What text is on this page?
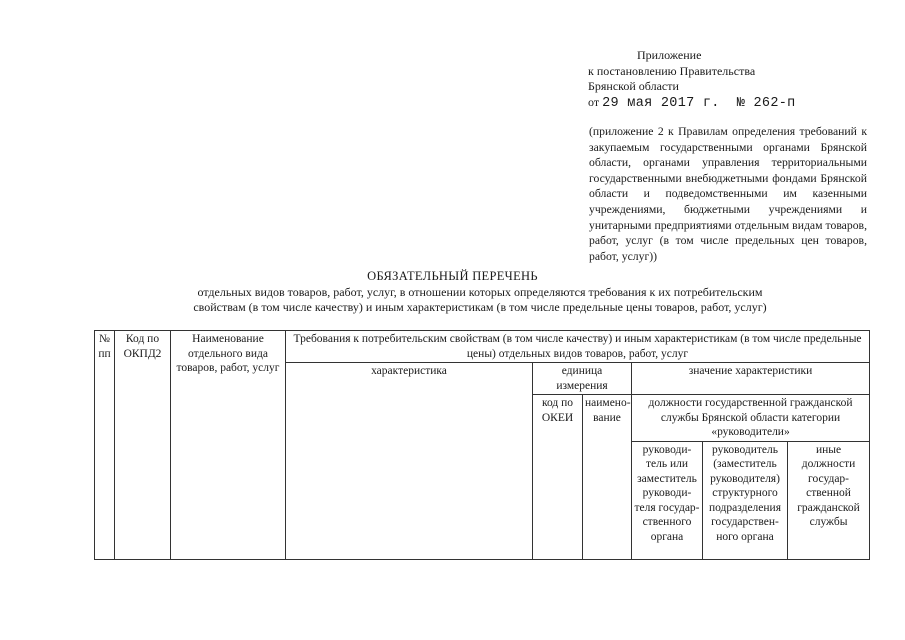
Приложение
к постановлению Правительства
Брянской области
от 29 мая 2017 г. № 262-п
(приложение 2 к Правилам определения требований к закупаемым государственными органами Брянской области, органами управления территориальными государственными внебюджетными фондами Брянской области и подведомственными им казенными учреждениями, бюджетными учреждениями и унитарными предприятиями отдельным видам товаров, работ, услуг (в том числе предельных цен товаров, работ, услуг))
ОБЯЗАТЕЛЬНЫЙ ПЕРЕЧЕНЬ
отдельных видов товаров, работ, услуг, в отношении которых определяются требования к их потребительским
свойствам (в том числе качеству) и иным характеристикам (в том числе предельные цены товаров, работ, услуг)
№ пп	Код по ОКПД2	Наименование отдельного вида товаров, работ, услуг	Требования к потребительским свойствам (в том числе качеству) и иным характеристикам (в том числе предельные цены) отдельных видов товаров, работ, услуг					
			характеристика	единица измерения		значение характеристики		
				код по ОКЕИ	наимено-вание	должности государственной гражданской службы Брянской области категории «руководители»		
						руководи-тель или заместитель руководи-теля государ-ственного органа	руководитель (заместитель руководителя) структурного подразделения государствен-ного органа	иные должности государ-ственной гражданской службы
